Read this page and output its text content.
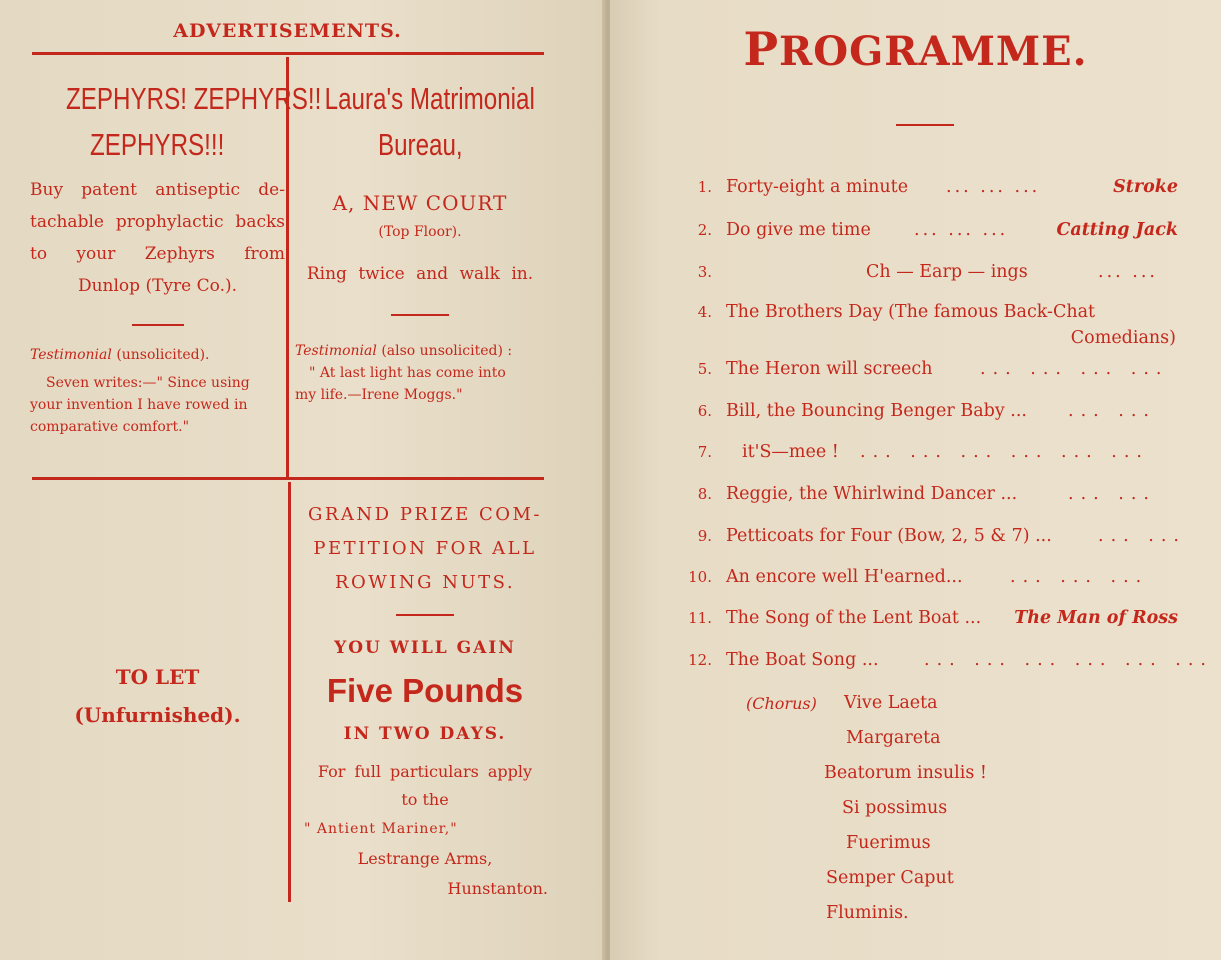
ADVERTISEMENTS.
ZEPHYRS! ZEPHYRS!!
ZEPHYRS!!!
Buy patent antiseptic de-
tachable prophylactic backs
to your Zephyrs from
Dunlop (Tyre Co.).
Testimonial (unsolicited).
Seven writes:—" Since using
your invention I have rowed in
comparative comfort."
Laura's Matrimonial
Bureau,
A, NEW COURT
(Top Floor).
Ring twice and walk in.
Testimonial (also unsolicited) :
" At last light has come into
my life.—Irene Moggs."
TO LET
(Unfurnished).
GRAND PRIZE COM-
PETITION FOR ALL
ROWING NUTS.
YOU WILL GAIN
Five Pounds
IN TWO DAYS.
For full particulars apply
to the
" Antient Mariner,"
Lestrange Arms,
Hunstanton.
PROGRAMME.
1. Forty-eight a minute ... ... ...	Stroke
2. Do give me time ... ... ...	Catting Jack
3.	Ch — Earp — ings	... ...
4. The Brothers Day (The famous Back-Chat
Comedians)
5. The Heron will screech	... ... ... ...
6. Bill, the Bouncing Benger Baby ... ... ...
7. it'S—mee ! ... ... ... ... ... ...
8. Reggie, the Whirlwind Dancer ...	... ...
9. Petticoats for Four (Bow, 2, 5 & 7) ...	... ...
10. An encore well H'earned...	... ... ...
11. The Song of the Lent Boat ... The Man of Ross
12. The Boat Song ...	... ... ... ... ... ...
(Chorus) Vive Laeta
Margareta
Beatorum insulis !
Si possimus
Fuerimus
Semper Caput Fluminis.
